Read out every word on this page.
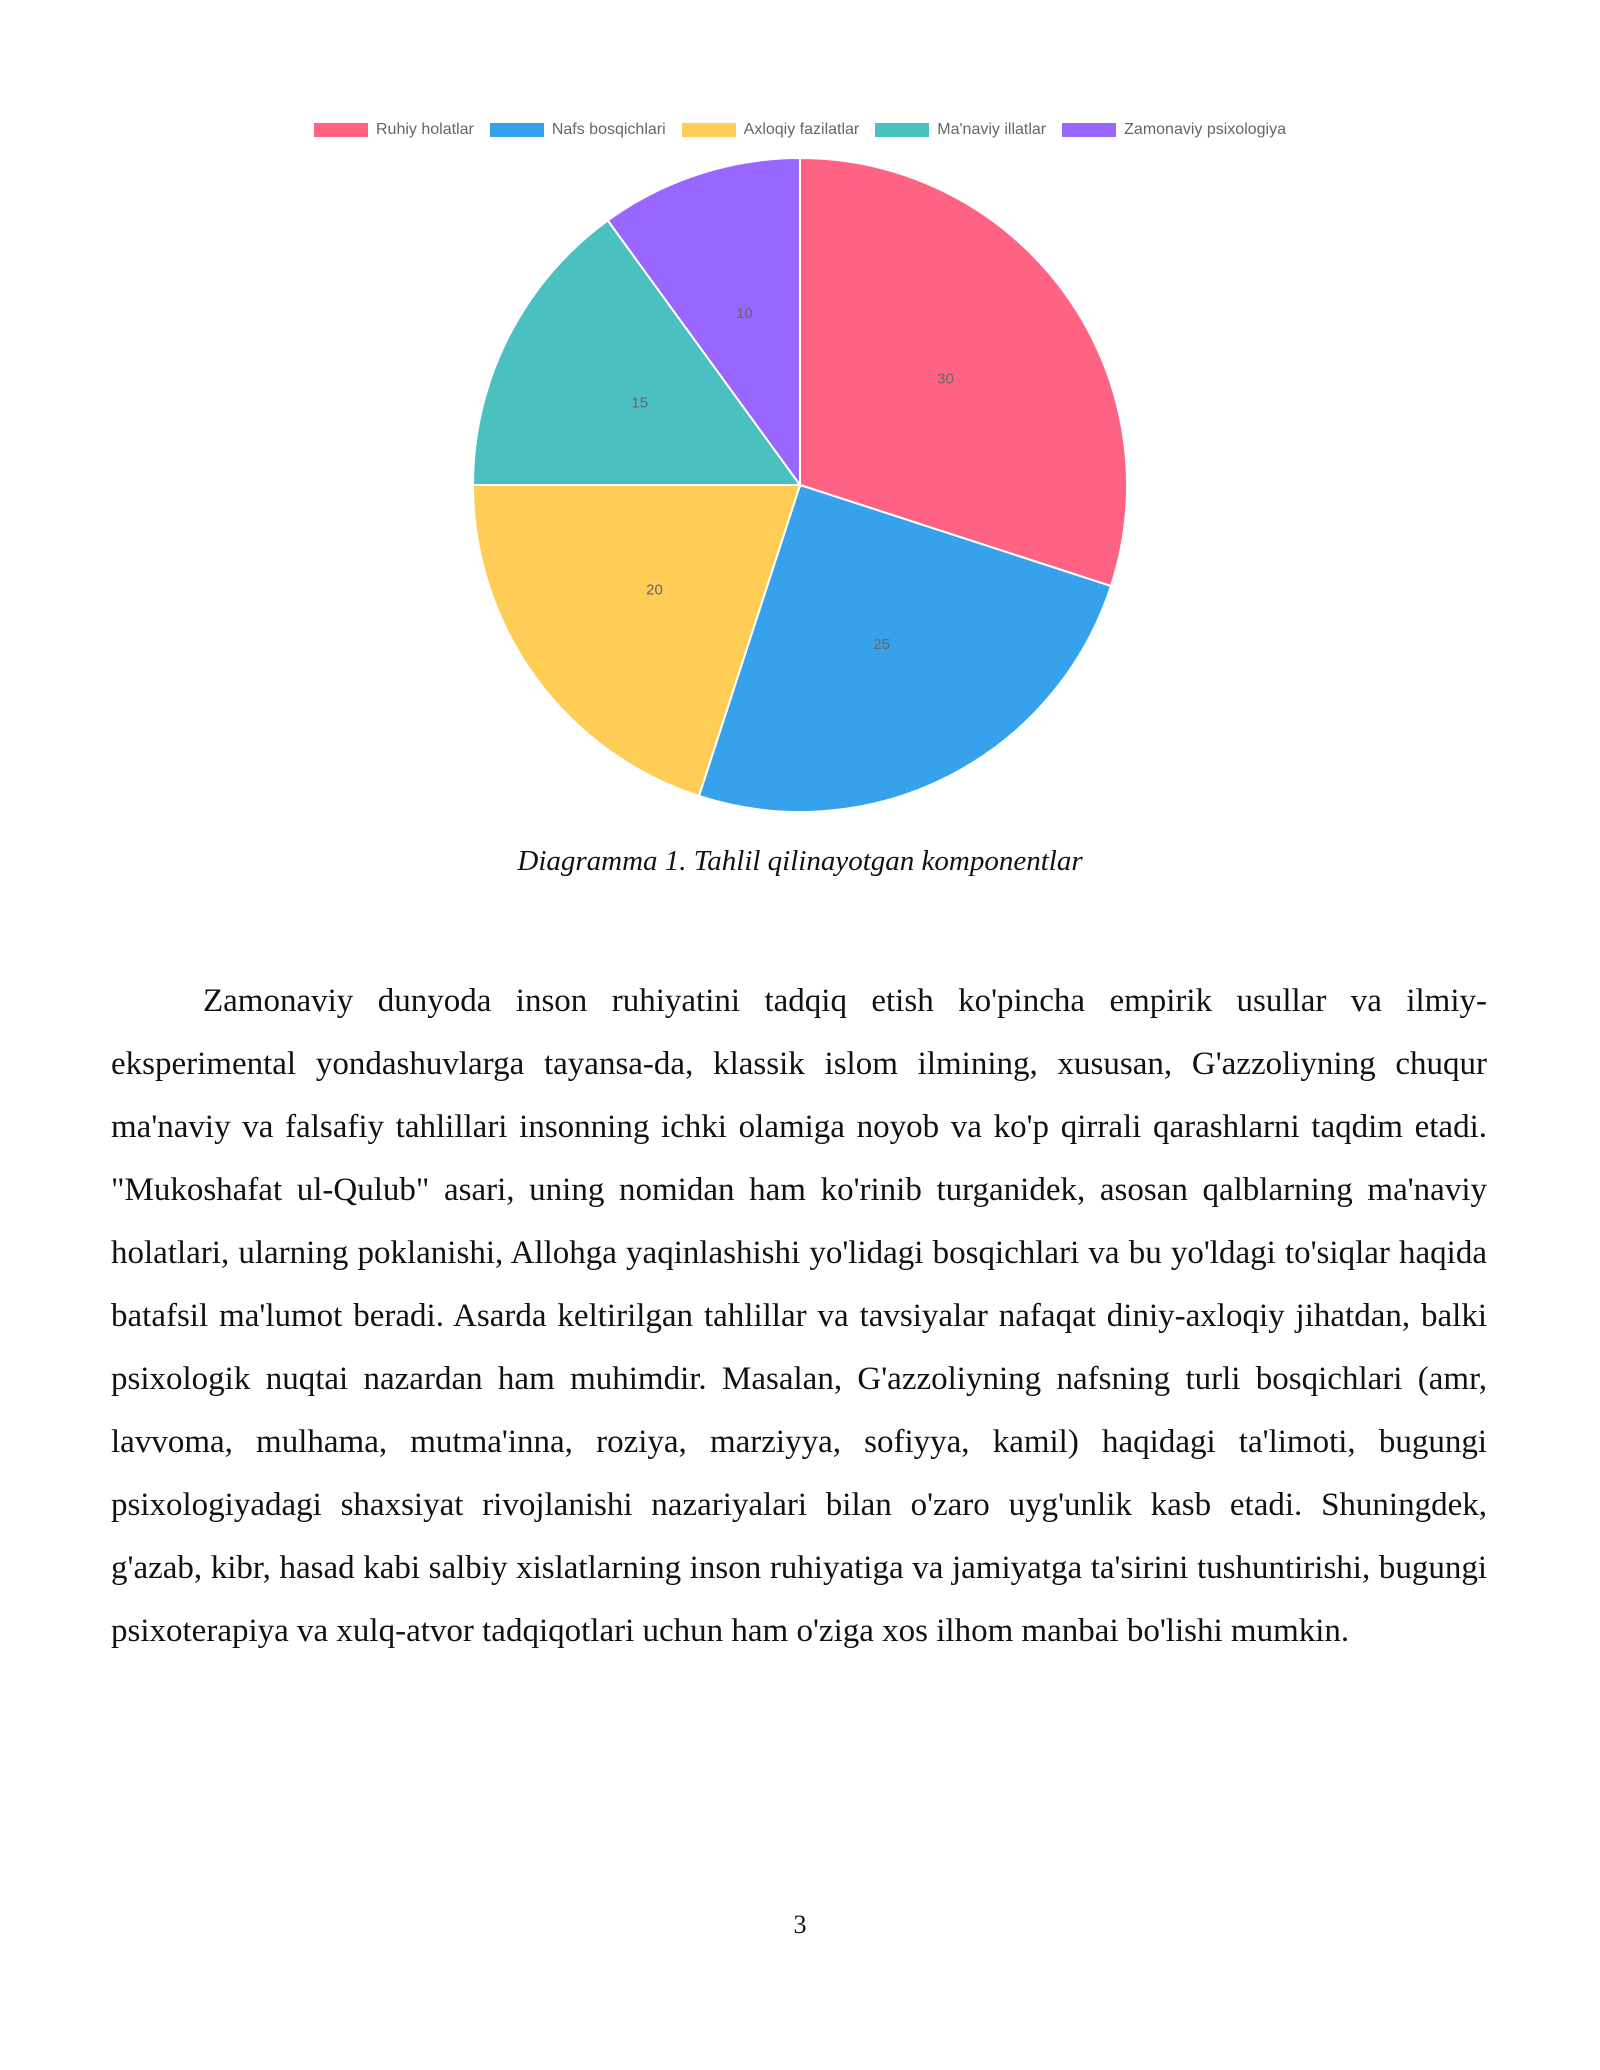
Ruhiy holatlar	Nafs bosqichlari	Axloqiy fazilatlar	Ma'naviy illatlar	Zamonaviy psixologiya
30
25
20
15
10
Diagramma 1. Tahlil qilinayotgan komponentlar

Zamonaviy dunyoda inson ruhiyatini tadqiq etish ko'pincha empirik usullar va ilmiy-eksperimental yondashuvlarga tayansa-da, klassik islom ilmining, xususan, G'azzoliyning chuqur ma'naviy va falsafiy tahlillari insonning ichki olamiga noyob va ko'p qirrali qarashlarni taqdim etadi. "Mukoshafat ul-Qulub" asari, uning nomidan ham ko'rinib turganidek, asosan qalblarning ma'naviy holatlari, ularning poklanishi, Allohga yaqinlashishi yo'lidagi bosqichlari va bu yo'ldagi to'siqlar haqida batafsil ma'lumot beradi. Asarda keltirilgan tahlillar va tavsiyalar nafaqat diniy-axloqiy jihatdan, balki psixologik nuqtai nazardan ham muhimdir. Masalan, G'azzoliyning nafsning turli bosqichlari (amr, lavvoma, mulhama, mutma'inna, roziya, marziyya, sofiyya, kamil) haqidagi ta'limoti, bugungi psixologiyadagi shaxsiyat rivojlanishi nazariyalari bilan o'zaro uyg'unlik kasb etadi. Shuningdek, g'azab, kibr, hasad kabi salbiy xislatlarning inson ruhiyatiga va jamiyatga ta'sirini tushuntirishi, bugungi psixoterapiya va xulq-atvor tadqiqotlari uchun ham o'ziga xos ilhom manbai bo'lishi mumkin.

3
